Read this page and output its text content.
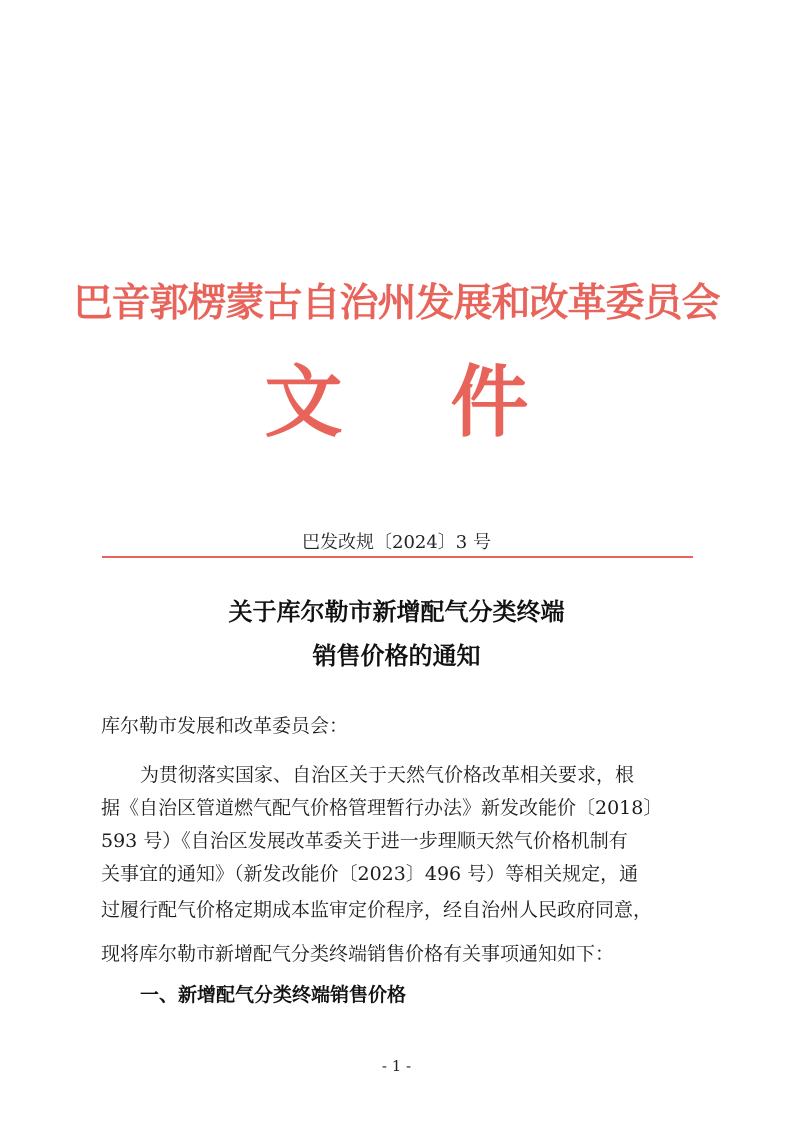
巴音郭楞蒙古自治州发展和改革委员会
文 件
巴发改规〔2024〕3 号
关于库尔勒市新增配气分类终端
销售价格的通知
库尔勒市发展和改革委员会：
为贯彻落实国家、自治区关于天然气价格改革相关要求，根
据《自治区管道燃气配气价格管理暂行办法》新发改能价〔2018〕
593 号）《自治区发展改革委关于进一步理顺天然气价格机制有
关事宜的通知》（新发改能价〔2023〕496 号）等相关规定，通
过履行配气价格定期成本监审定价程序，经自治州人民政府同意，
现将库尔勒市新增配气分类终端销售价格有关事项通知如下：
一、新增配气分类终端销售价格
- 1 -
